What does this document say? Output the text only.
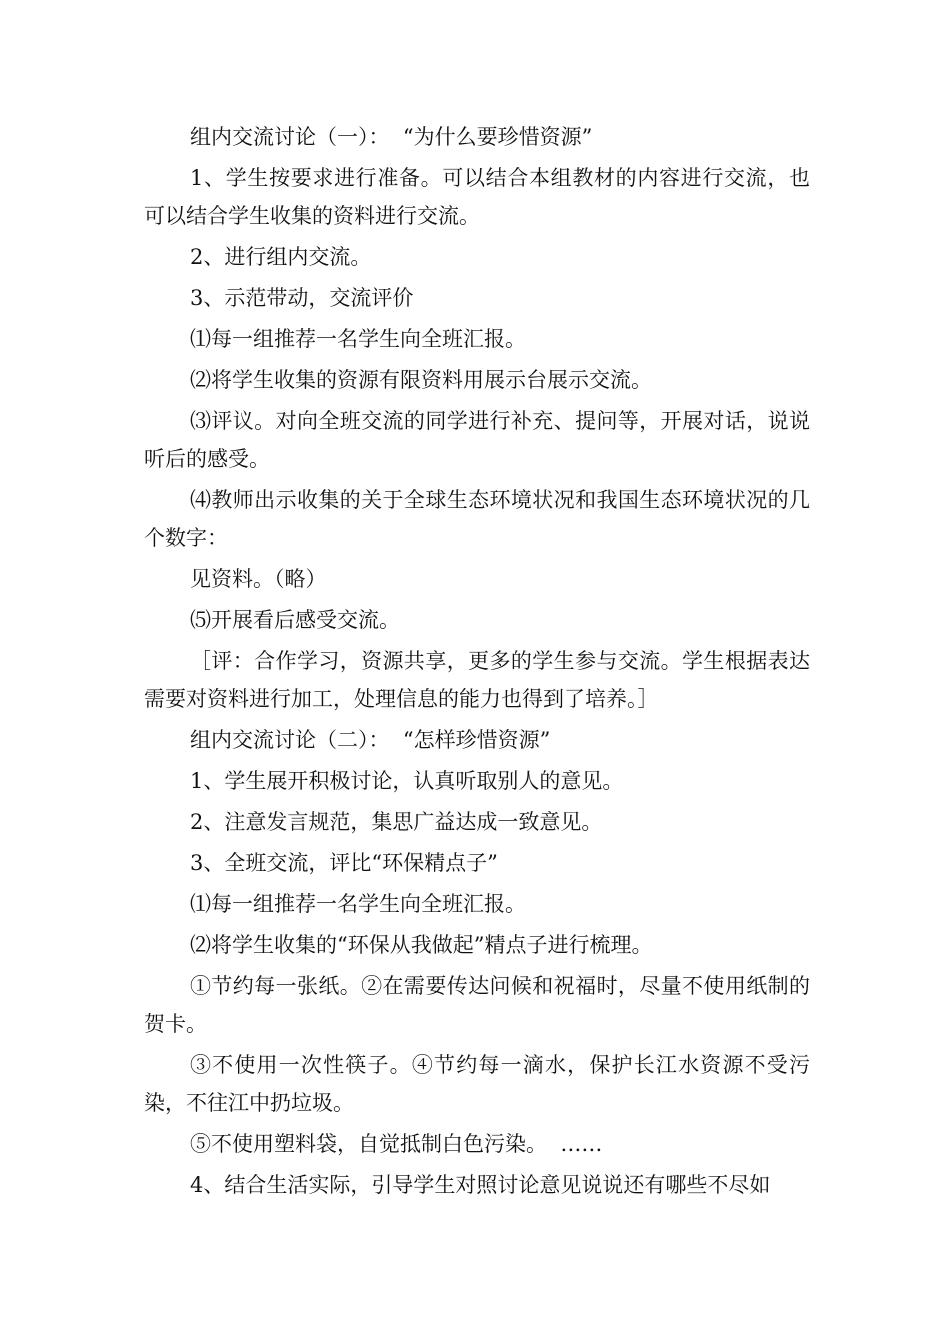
组内交流讨论（一）：  “为什么要珍惜资源”

1、学生按要求进行准备。可以结合本组教材的内容进行交流，也可以结合学生收集的资料进行交流。

2、进行组内交流。

3、示范带动，交流评价

⑴每一组推荐一名学生向全班汇报。

⑵将学生收集的资源有限资料用展示台展示交流。

⑶评议。对向全班交流的同学进行补充、提问等，开展对话，说说听后的感受。

⑷教师出示收集的关于全球生态环境状况和我国生态环境状况的几个数字：

见资料。（略）

⑸开展看后感受交流。

［评：合作学习，资源共享，更多的学生参与交流。学生根据表达需要对资料进行加工，处理信息的能力也得到了培养。］

组内交流讨论（二）：  “怎样珍惜资源”

1、学生展开积极讨论，认真听取别人的意见。

2、注意发言规范，集思广益达成一致意见。

3、全班交流，评比“环保精点子”

⑴每一组推荐一名学生向全班汇报。

⑵将学生收集的“环保从我做起”精点子进行梳理。

①节约每一张纸。②在需要传达问候和祝福时，尽量不使用纸制的贺卡。

③不使用一次性筷子。④节约每一滴水，保护长江水资源不受污染，不往江中扔垃圾。

⑤不使用塑料袋，自觉抵制白色污染。  ……

4、结合生活实际，引导学生对照讨论意见说说还有哪些不尽如
